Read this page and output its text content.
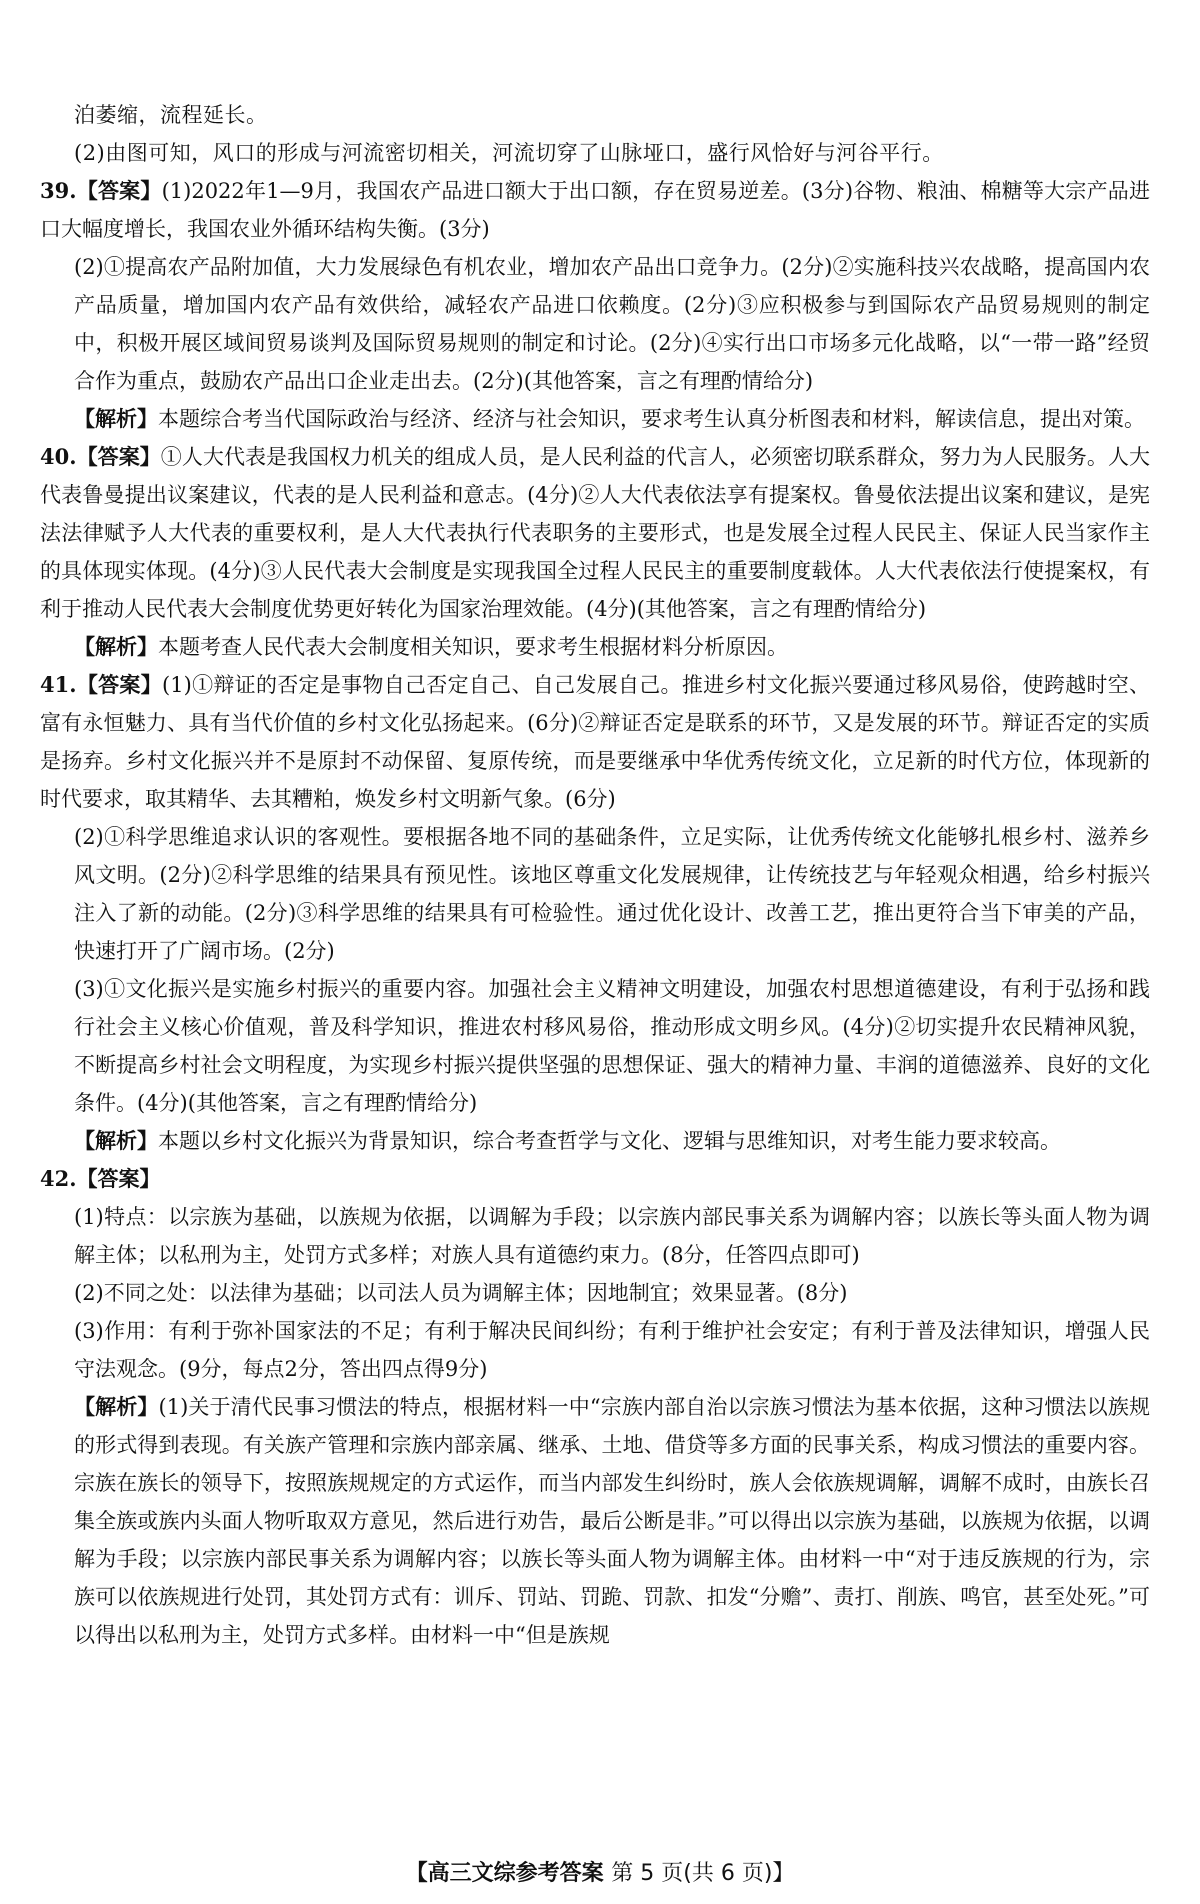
泊萎缩，流程延长。

(2)由图可知，风口的形成与河流密切相关，河流切穿了山脉垭口，盛行风恰好与河谷平行。

39.【答案】(1)2022年1—9月，我国农产品进口额大于出口额，存在贸易逆差。(3分)谷物、粮油、棉糖等大宗产品进口大幅度增长，我国农业外循环结构失衡。(3分)

(2)①提高农产品附加值，大力发展绿色有机农业，增加农产品出口竞争力。(2分)②实施科技兴农战略，提高国内农产品质量，增加国内农产品有效供给，减轻农产品进口依赖度。(2分)③应积极参与到国际农产品贸易规则的制定中，积极开展区域间贸易谈判及国际贸易规则的制定和讨论。(2分)④实行出口市场多元化战略，以“一带一路”经贸合作为重点，鼓励农产品出口企业走出去。(2分)(其他答案，言之有理酌情给分)

【解析】本题综合考当代国际政治与经济、经济与社会知识，要求考生认真分析图表和材料，解读信息，提出对策。

40.【答案】①人大代表是我国权力机关的组成人员，是人民利益的代言人，必须密切联系群众，努力为人民服务。人大代表鲁曼提出议案建议，代表的是人民利益和意志。(4分)②人大代表依法享有提案权。鲁曼依法提出议案和建议，是宪法法律赋予人大代表的重要权利，是人大代表执行代表职务的主要形式，也是发展全过程人民民主、保证人民当家作主的具体现实体现。(4分)③人民代表大会制度是实现我国全过程人民民主的重要制度载体。人大代表依法行使提案权，有利于推动人民代表大会制度优势更好转化为国家治理效能。(4分)(其他答案，言之有理酌情给分)

【解析】本题考查人民代表大会制度相关知识，要求考生根据材料分析原因。

41.【答案】(1)①辩证的否定是事物自己否定自己、自己发展自己。推进乡村文化振兴要通过移风易俗，使跨越时空、富有永恒魅力、具有当代价值的乡村文化弘扬起来。(6分)②辩证否定是联系的环节，又是发展的环节。辩证否定的实质是扬弃。乡村文化振兴并不是原封不动保留、复原传统，而是要继承中华优秀传统文化，立足新的时代方位，体现新的时代要求，取其精华、去其糟粕，焕发乡村文明新气象。(6分)

(2)①科学思维追求认识的客观性。要根据各地不同的基础条件，立足实际，让优秀传统文化能够扎根乡村、滋养乡风文明。(2分)②科学思维的结果具有预见性。该地区尊重文化发展规律，让传统技艺与年轻观众相遇，给乡村振兴注入了新的动能。(2分)③科学思维的结果具有可检验性。通过优化设计、改善工艺，推出更符合当下审美的产品，快速打开了广阔市场。(2分)

(3)①文化振兴是实施乡村振兴的重要内容。加强社会主义精神文明建设，加强农村思想道德建设，有利于弘扬和践行社会主义核心价值观，普及科学知识，推进农村移风易俗，推动形成文明乡风。(4分)②切实提升农民精神风貌，不断提高乡村社会文明程度，为实现乡村振兴提供坚强的思想保证、强大的精神力量、丰润的道德滋养、良好的文化条件。(4分)(其他答案，言之有理酌情给分)

【解析】本题以乡村文化振兴为背景知识，综合考查哲学与文化、逻辑与思维知识，对考生能力要求较高。

42.【答案】

(1)特点：以宗族为基础，以族规为依据，以调解为手段；以宗族内部民事关系为调解内容；以族长等头面人物为调解主体；以私刑为主，处罚方式多样；对族人具有道德约束力。(8分，任答四点即可)

(2)不同之处：以法律为基础；以司法人员为调解主体；因地制宜；效果显著。(8分)

(3)作用：有利于弥补国家法的不足；有利于解决民间纠纷；有利于维护社会安定；有利于普及法律知识，增强人民守法观念。(9分，每点2分，答出四点得9分)

【解析】(1)关于清代民事习惯法的特点，根据材料一中“宗族内部自治以宗族习惯法为基本依据，这种习惯法以族规的形式得到表现。有关族产管理和宗族内部亲属、继承、土地、借贷等多方面的民事关系，构成习惯法的重要内容。宗族在族长的领导下，按照族规规定的方式运作，而当内部发生纠纷时，族人会依族规调解，调解不成时，由族长召集全族或族内头面人物听取双方意见，然后进行劝告，最后公断是非。”可以得出以宗族为基础，以族规为依据，以调解为手段；以宗族内部民事关系为调解内容；以族长等头面人物为调解主体。由材料一中“对于违反族规的行为，宗族可以依族规进行处罚，其处罚方式有：训斥、罚站、罚跪、罚款、扣发“分赡”、责打、削族、鸣官，甚至处死。”可以得出以私刑为主，处罚方式多样。由材料一中“但是族规

【高三文综参考答案 第 5 页(共 6 页)】
